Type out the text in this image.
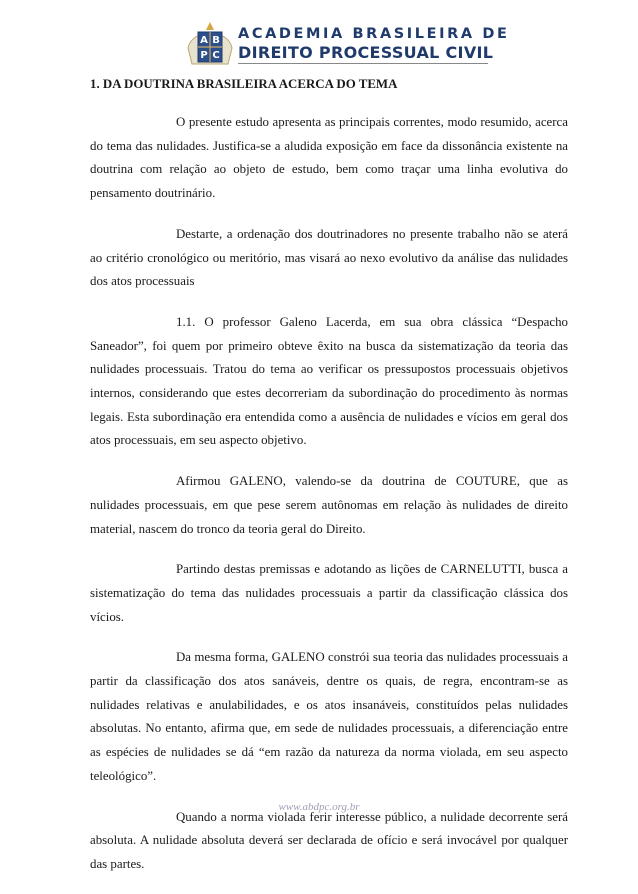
A B
P C
ACADEMIA BRASILEIRA DE
DIREITO PROCESSUAL CIVIL
1. DA DOUTRINA BRASILEIRA ACERCA DO TEMA

O presente estudo apresenta as principais correntes, modo resumido, acerca do tema das nulidades. Justifica-se a aludida exposição em face da dissonância existente na doutrina com relação ao objeto de estudo, bem como traçar uma linha evolutiva do pensamento doutrinário.

Destarte, a ordenação dos doutrinadores no presente trabalho não se aterá ao critério cronológico ou meritório, mas visará ao nexo evolutivo da análise das nulidades dos atos processuais

1.1. O professor Galeno Lacerda, em sua obra clássica “Despacho Saneador”, foi quem por primeiro obteve êxito na busca da sistematização da teoria das nulidades processuais. Tratou do tema ao verificar os pressupostos processuais objetivos internos, considerando que estes decorreriam da subordinação do procedimento às normas legais. Esta subordinação era entendida como a ausência de nulidades e vícios em geral dos atos processuais, em seu aspecto objetivo.

Afirmou GALENO, valendo-se da doutrina de COUTURE, que as nulidades processuais, em que pese serem autônomas em relação às nulidades de direito material, nascem do tronco da teoria geral do Direito.

Partindo destas premissas e adotando as lições de CARNELUTTI, busca a sistematização do tema das nulidades processuais a partir da classificação clássica dos vícios.

Da mesma forma, GALENO constrói sua teoria das nulidades processuais a partir da classificação dos atos sanáveis, dentre os quais, de regra, encontram-se as nulidades relativas e anulabilidades, e os atos insanáveis, constituídos pelas nulidades absolutas. No entanto, afirma que, em sede de nulidades processuais, a diferenciação entre as espécies de nulidades se dá “em razão da natureza da norma violada, em seu aspecto teleológico”.

Quando a norma violada ferir interesse público, a nulidade decorrente será absoluta. A nulidade absoluta deverá ser declarada de ofício e será invocável por qualquer das partes.

www.abdpc.org.br
